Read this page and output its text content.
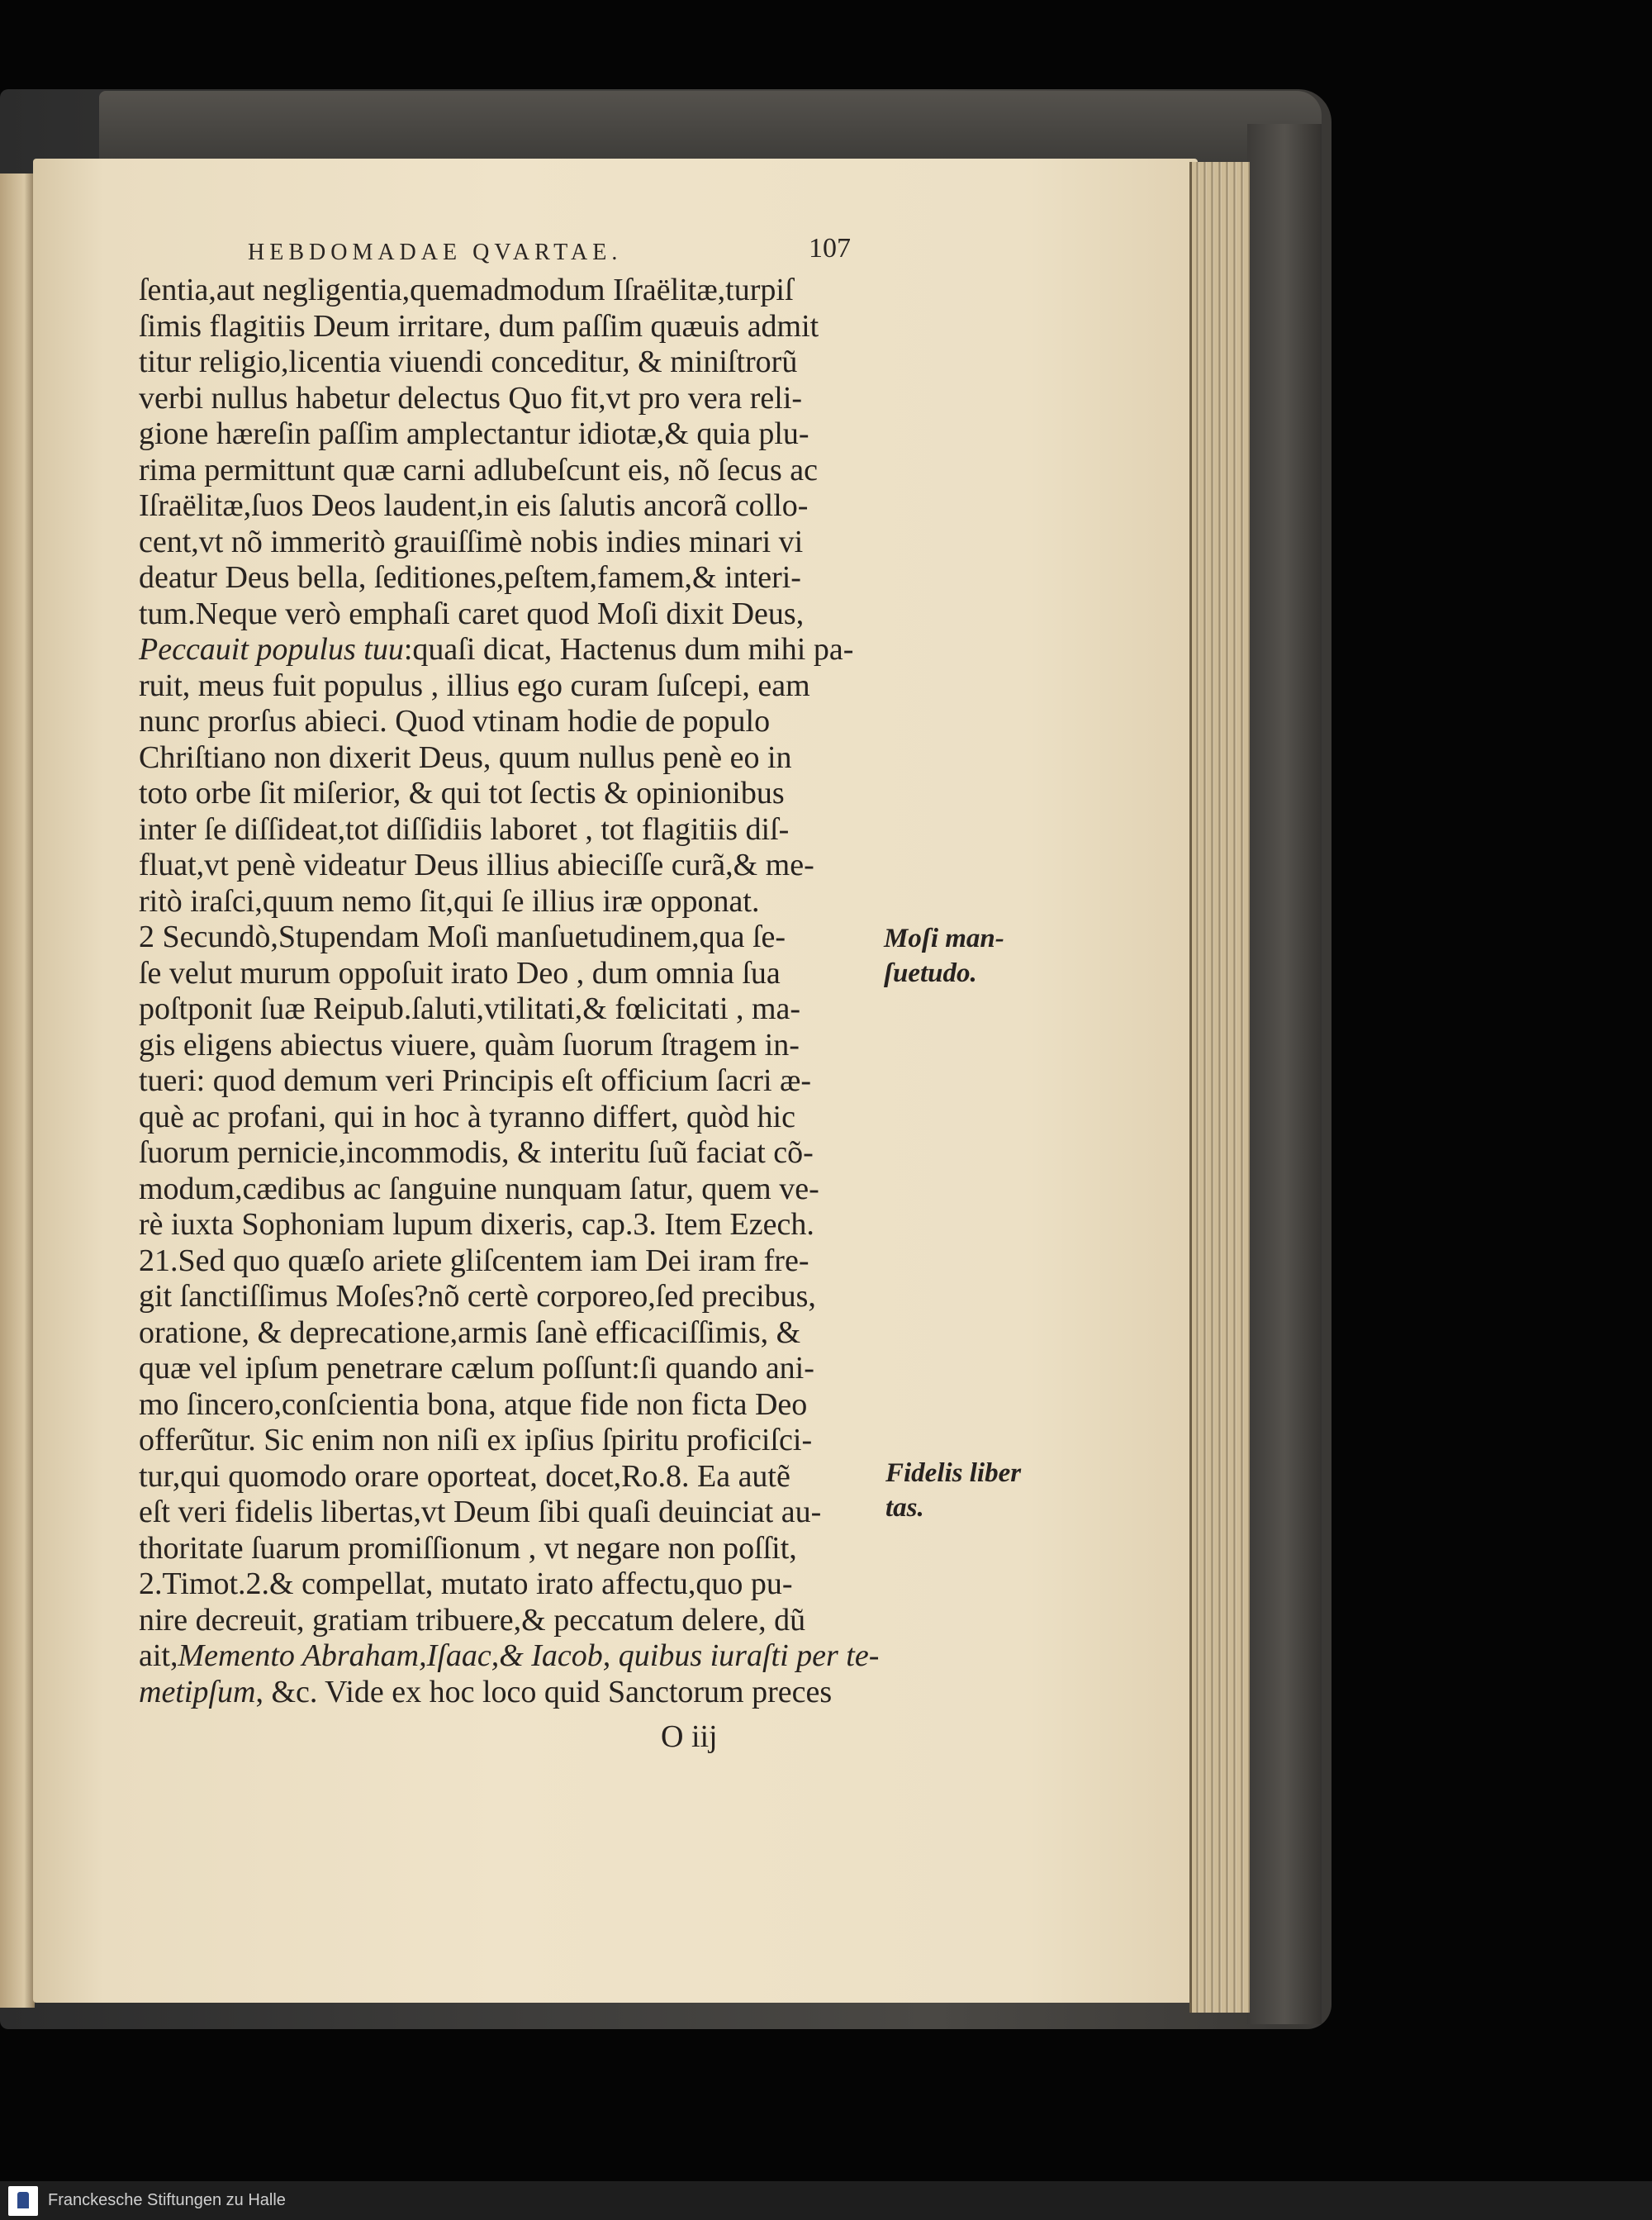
HEBDOMADAE QVARTAE.	107
ſentia,aut negligentia,quemadmodum Iſraëlitæ,turpiſ
ſimis flagitiis Deum irritare, dum paſſim quæuis admit
titur religio,licentia viuendi conceditur, & miniſtrorũ
verbi nullus habetur delectus Quo fit,vt pro vera reli-
gione hæreſin paſſim amplectantur idiotæ,& quia plu-
rima permittunt quæ carni adlubeſcunt eis, nõ ſecus ac
Iſraëlitæ,ſuos Deos laudent,in eis ſalutis ancorã collo-
cent,vt nõ immeritò grauiſſimè nobis indies minari vi
deatur Deus bella, ſeditiones,peſtem,famem,& interi-
tum.Neque verò emphaſi caret quod Moſi dixit Deus,
Peccauit populus tuu:quaſi dicat, Hactenus dum mihi pa-
ruit, meus fuit populus , illius ego curam ſuſcepi, eam
nunc prorſus abieci. Quod vtinam hodie de populo
Chriſtiano non dixerit Deus, quum nullus penè eo in
toto orbe ſit miſerior, & qui tot ſectis & opinionibus
inter ſe diſſideat,tot diſſidiis laboret , tot flagitiis diſ-
fluat,vt penè videatur Deus illius abieciſſe curã,& me-
ritò iraſci,quum nemo ſit,qui ſe illius iræ opponat.
2 Secundò,Stupendam Moſi manſuetudinem,qua ſe-
ſe velut murum oppoſuit irato Deo , dum omnia ſua
poſtponit ſuæ Reipub.ſaluti,vtilitati,& fœlicitati , ma-
gis eligens abiectus viuere, quàm ſuorum ſtragem in-
tueri: quod demum veri Principis eſt officium ſacri æ-
què ac profani, qui in hoc à tyranno differt, quòd hic
ſuorum pernicie,incommodis, & interitu ſuũ faciat cõ-
modum,cædibus ac ſanguine nunquam ſatur, quem ve-
rè iuxta Sophoniam lupum dixeris, cap.3. Item Ezech.
21.Sed quo quæſo ariete gliſcentem iam Dei iram fre-
git ſanctiſſimus Moſes?nõ certè corporeo,ſed precibus,
oratione, & deprecatione,armis ſanè efficaciſſimis, &
quæ vel ipſum penetrare cælum poſſunt:ſi quando ani-
mo ſincero,conſcientia bona, atque fide non ficta Deo
offerũtur. Sic enim non niſi ex ipſius ſpiritu proficiſci-
tur,qui quomodo orare oporteat, docet,Ro.8. Ea autẽ
eſt veri fidelis libertas,vt Deum ſibi quaſi deuinciat au-
thoritate ſuarum promiſſionum , vt negare non poſſit,
2.Timot.2.& compellat, mutato irato affectu,quo pu-
nire decreuit, gratiam tribuere,& peccatum delere, dũ
ait,Memento Abraham,Iſaac,& Iacob, quibus iuraſti per te-
metipſum, &c. Vide ex hoc loco quid Sanctorum preces
O iij
Moſi man-
ſuetudo.
Fidelis liber
tas.
Franckesche Stiftungen zu Halle
